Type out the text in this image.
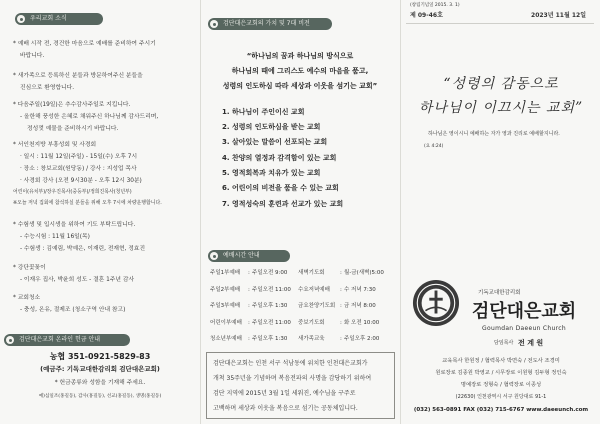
우리교회 소식
* 예배 시작 전, 경건한 마음으로 예배를 준비하여 주시기
바랍니다.
* 새가족으로 등록하신 분들과 방문하여주신 분들을
진심으로 환영합니다.
* 다음주일(19일)은 추수감사주일로 지킵니다.
- 올한해 풍성한 은혜로 채워주신 하나님께 감사드리며,
정성껏 예물을 준비하시기 바랍니다.
* 서인천지방 부흥성회 및 사경회
· 일시 : 11월 12일(주일) - 15일(수) 오후 7시
· 장소 : 창보교회(원당동) / 강사 : 지성업 목사
· 사경회 강사 (오전 9시30분 - 오후 12시 30분)
어린이(유치부)/장우진목사(중등부)/정희진목사(청년부)
※오늘 저녁 집회에 참석하실 분들을 위해 오후 7시에 차량운행합니다.
* 수험생 및 입시생을 위하여 기도 부탁드립니다.
- 수능시험 : 11월 16일(목)
- 수험생 : 김예림, 박예은, 이재린, 전재현, 정효진
* 강단꽃꽂이
- 이재우 집사, 박윤희 성도 - 결혼 1주년 감사
* 교회청소
- 충성, 온유, 절제조 (청소구역 안내 참고)
검단대은교회 온라인 헌금 안내
농협 351-0921-5829-83
(예금주: 기독교대한감리회 검단대은교회)
* 헌금종류와 성함을 기재해 주세요.
예)십일조(홍길동), 감사(홍길동), 선교(홍길동), 생명(홍길동)
검단대은교회의 가치 및 7대 비전
“하나님의 꿈과 하나님의 방식으로
하나님의 때에 그리스도 예수의 마음을 품고,
성령의 인도하심 따라 세상과 이웃을 섬기는 교회”
1. 하나님이 주인이신 교회
2. 성령의 인도하심을 받는 교회
3. 살아있는 말씀이 선포되는 교회
4. 찬양의 열정과 감격함이 있는 교회
5. 영적회복과 치유가 있는 교회
6. 어린이의 비전을 품을 수 있는 교회
7. 영적성숙의 훈련과 선교가 있는 교회
예배시간 안내
주일1부예배 : 주일오전 9:00 새벽기도회	: 월-금(새벽)5:00
주일2부예배 : 주일오전 11:00 수요저녁예배 : 수 저녁 7:30
주일3부예배 : 주일오후 1:30 금요찬양기도회 : 금 저녁 8:00
어린이부예배 : 주일오전 11:00 중보기도회	: 화 오전 10:00
청소년부예배 : 주일오후 1:30 새가족교육	: 주일오후 2:00
검단대은교회는 인천 서구 석남동에 위치한 인천대은교회가
개척 35주년을 기념하며 복음전파의 사명을 감당하기 위하여
검단 지역에 2015년 3월 1일 세워진, 예수님을 구주로
고백하며 세상과 이웃을 복음으로 섬기는 공동체입니다.
(창립기념일 2015. 3. 1)
제 09-46호	2023년 11월 12일
“성령의 감동으로
하나님이 이끄시는 교회”
하나님은 영이시니 예배하는 자가 영과 진리로 예배할지니라.
(요 4:24)
기독교대한감리회
검단대은교회
Goumdan Daeeun Church
담임목사 전 계 원
교육목사 한원정 / 협력목사 박면숙 / 전도사 조경미
원로장로 김종원 박영교 / 시무장로 이원형 김두형 정인숙
명예장로 정형숙 / 협력장로 이종성
(22630) 인천광역시 서구 원당대로 91-1
(032) 563-0891 FAX (032) 715-6767 www.daeeunch.com
